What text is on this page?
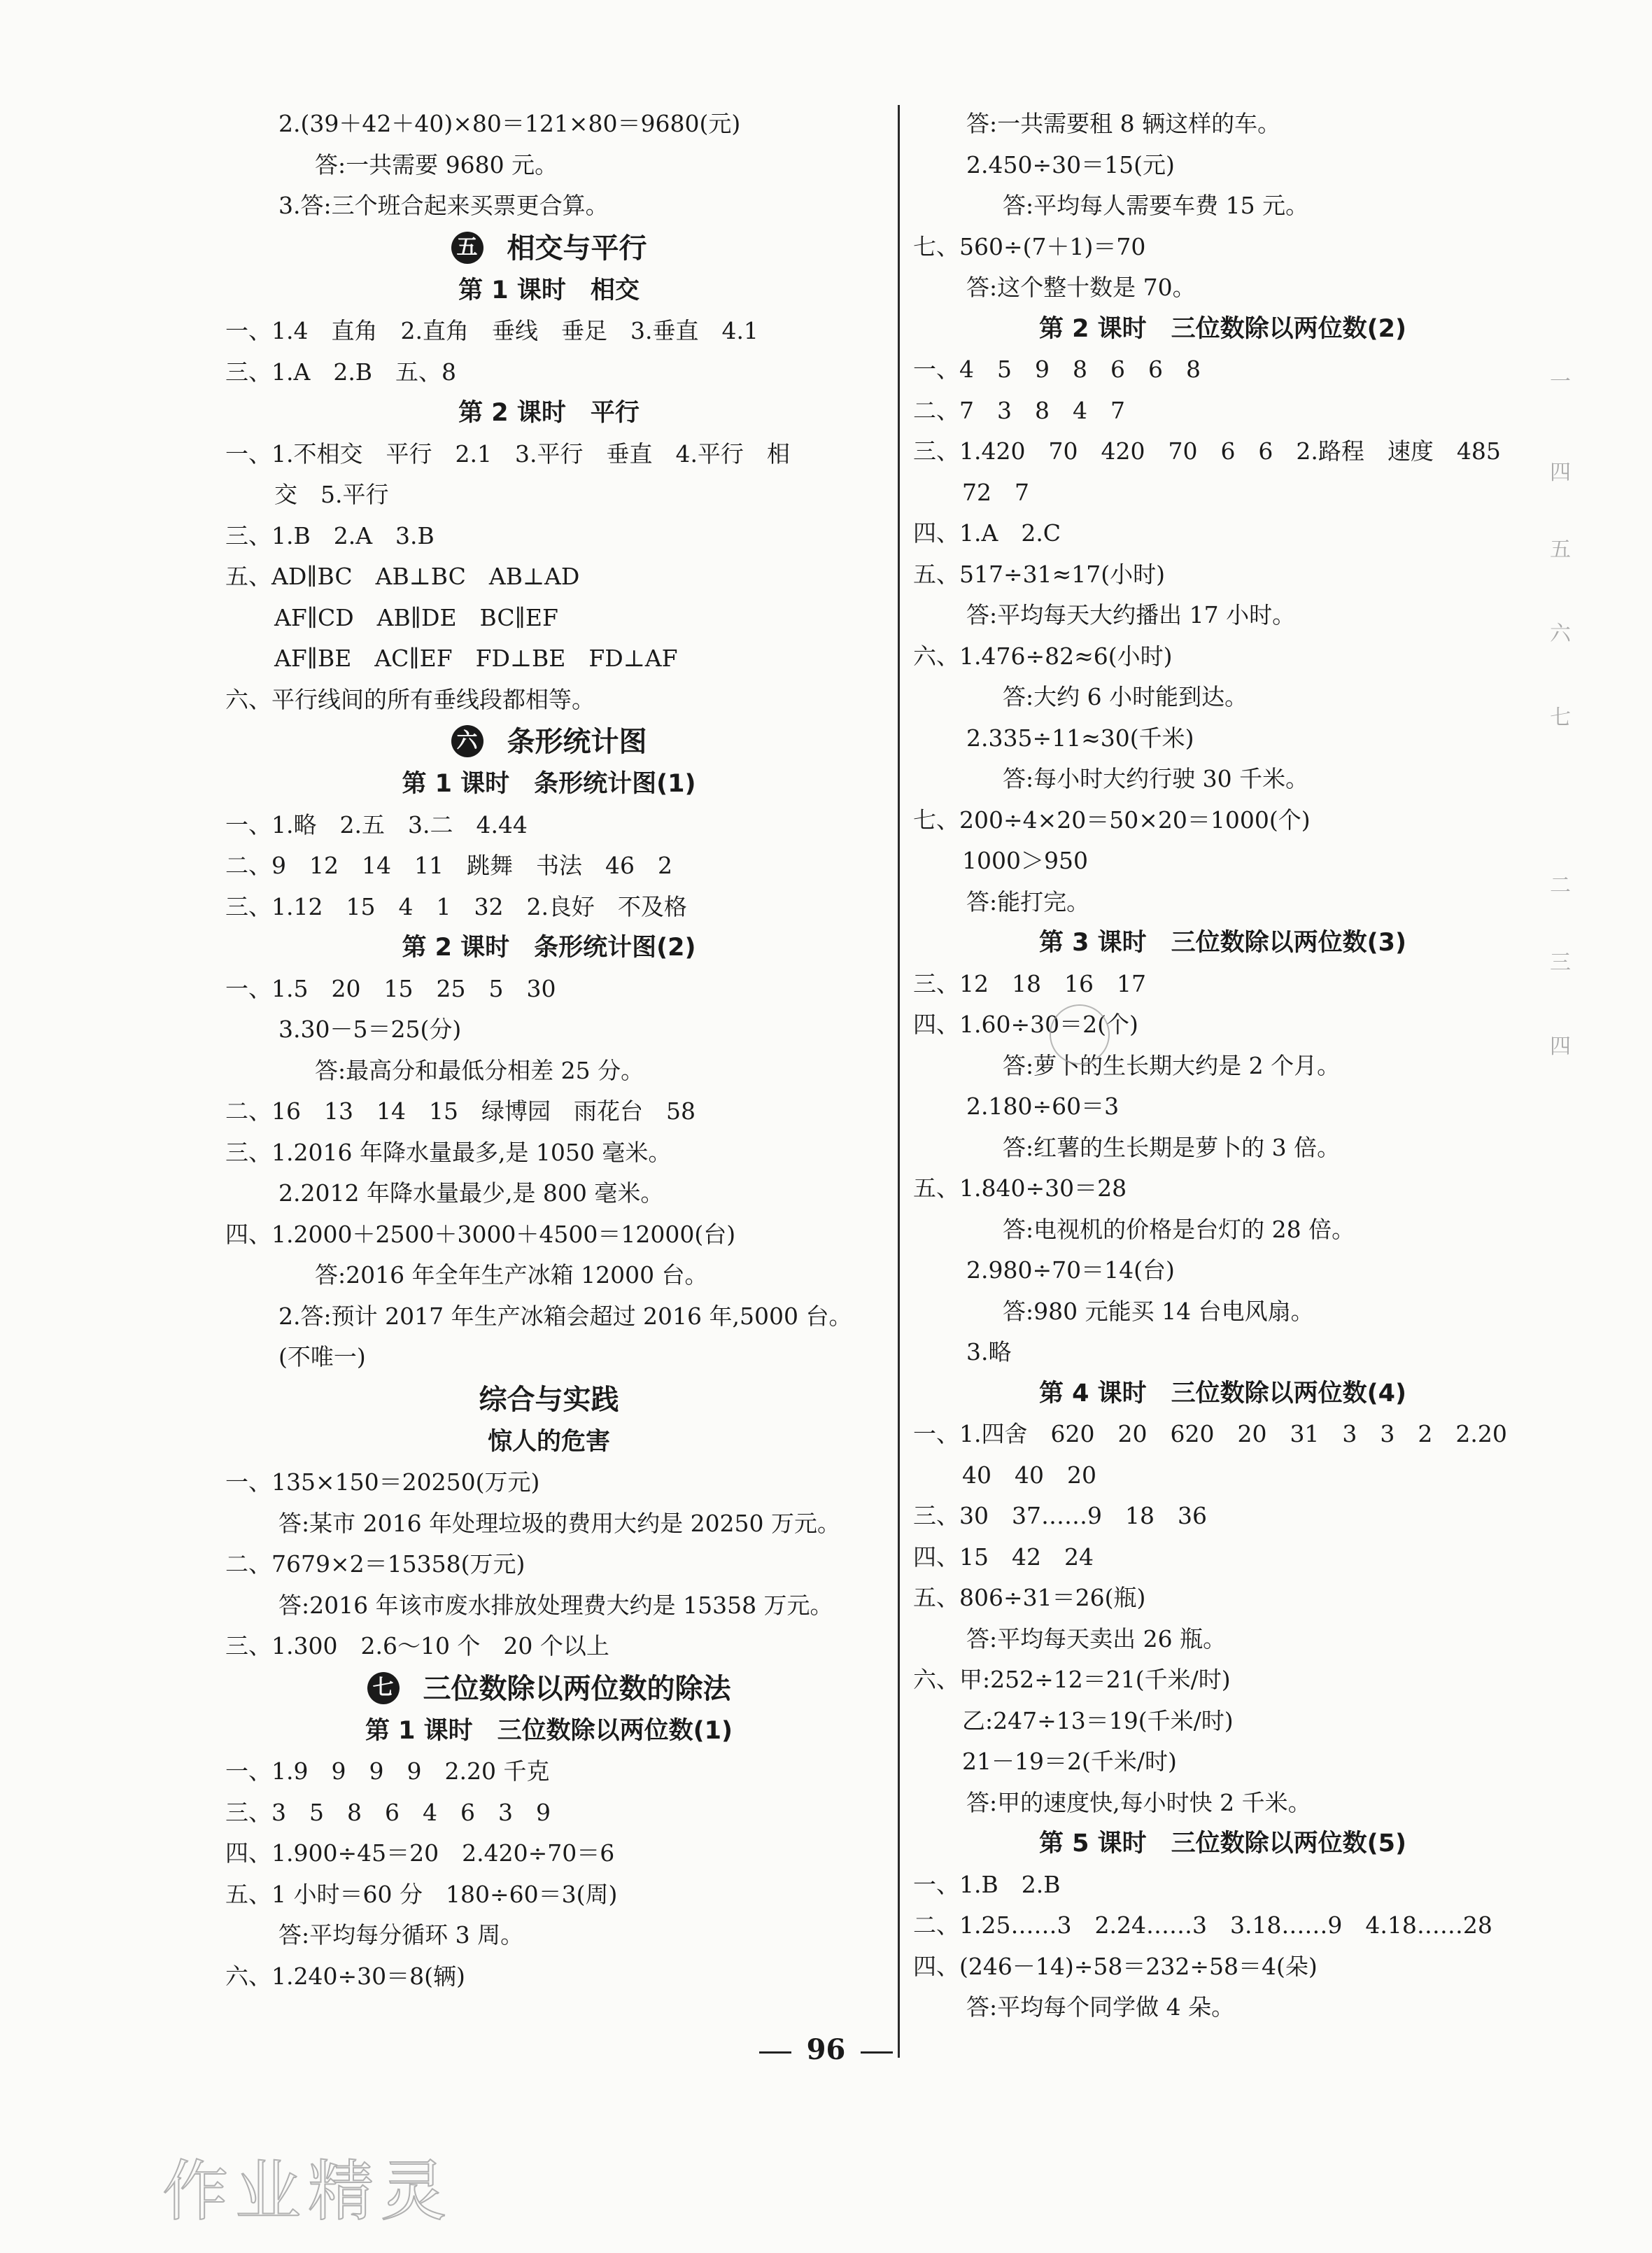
2.(39＋42＋40)×80＝121×80＝9680(元)
答:一共需要 9680 元。
3.答:三个班合起来买票更合算。
五 相交与平行
第 1 课时　相交
一、1.4　直角　2.直角　垂线　垂足　3.垂直　4.1
三、1.A　2.B　五、8
第 2 课时　平行
一、1.不相交　平行　2.1　3.平行　垂直　4.平行　相
交　5.平行
三、1.B　2.A　3.B
五、AD∥BC　AB⊥BC　AB⊥AD
AF∥CD　AB∥DE　BC∥EF
AF∥BE　AC∥EF　FD⊥BE　FD⊥AF
六、平行线间的所有垂线段都相等。
六 条形统计图
第 1 课时　条形统计图(1)
一、1.略　2.五　3.二　4.44
二、9　12　14　11　跳舞　书法　46　2
三、1.12　15　4　1　32　2.良好　不及格
第 2 课时　条形统计图(2)
一、1.5　20　15　25　5　30
3.30－5＝25(分)
答:最高分和最低分相差 25 分。
二、16　13　14　15　绿博园　雨花台　58
三、1.2016 年降水量最多,是 1050 毫米。
2.2012 年降水量最少,是 800 毫米。
四、1.2000＋2500＋3000＋4500＝12000(台)
答:2016 年全年生产冰箱 12000 台。
2.答:预计 2017 年生产冰箱会超过 2016 年,5000 台。
(不唯一)
综合与实践
惊人的危害
一、135×150＝20250(万元)
答:某市 2016 年处理垃圾的费用大约是 20250 万元。
二、7679×2＝15358(万元)
答:2016 年该市废水排放处理费大约是 15358 万元。
三、1.300　2.6～10 个　20 个以上
七 三位数除以两位数的除法
第 1 课时　三位数除以两位数(1)
一、1.9　9　9　9　2.20 千克
三、3　5　8　6　4　6　3　9
四、1.900÷45＝20　2.420÷70＝6
五、1 小时＝60 分　180÷60＝3(周)
答:平均每分循环 3 周。
六、1.240÷30＝8(辆)
答:一共需要租 8 辆这样的车。
2.450÷30＝15(元)
答:平均每人需要车费 15 元。
七、560÷(7＋1)＝70
答:这个整十数是 70。
第 2 课时　三位数除以两位数(2)
一、4　5　9　8　6　6　8
二、7　3　8　4　7
三、1.420　70　420　70　6　6　2.路程　速度　485
72　7
四、1.A　2.C
五、517÷31≈17(小时)
答:平均每天大约播出 17 小时。
六、1.476÷82≈6(小时)
答:大约 6 小时能到达。
2.335÷11≈30(千米)
答:每小时大约行驶 30 千米。
七、200÷4×20＝50×20＝1000(个)
1000＞950
答:能打完。
第 3 课时　三位数除以两位数(3)
三、12　18　16　17
四、1.60÷30＝2(个)
答:萝卜的生长期大约是 2 个月。
2.180÷60＝3
答:红薯的生长期是萝卜的 3 倍。
五、1.840÷30＝28
答:电视机的价格是台灯的 28 倍。
2.980÷70＝14(台)
答:980 元能买 14 台电风扇。
3.略
第 4 课时　三位数除以两位数(4)
一、1.四舍　620　20　620　20　31　3　3　2　2.20
40　40　20
三、30　37……9　18　36
四、15　42　24
五、806÷31＝26(瓶)
答:平均每天卖出 26 瓶。
六、甲:252÷12＝21(千米/时)
乙:247÷13＝19(千米/时)
21－19＝2(千米/时)
答:甲的速度快,每小时快 2 千米。
第 5 课时　三位数除以两位数(5)
一、1.B　2.B
二、1.25……3　2.24……3　3.18……9　4.18……28
四、(246－14)÷58＝232÷58＝4(朵)
答:平均每个同学做 4 朵。
96
作业精灵
一
四
五
六
七
二
三
四
